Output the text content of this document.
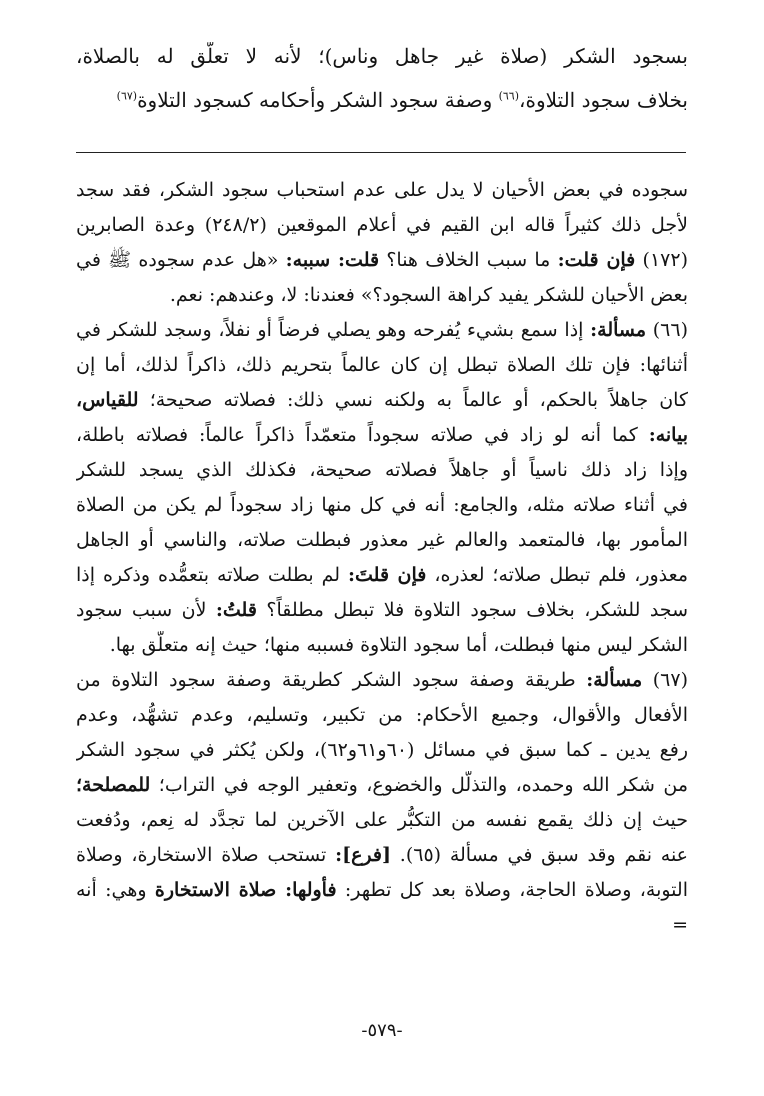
بسجود الشكر (صلاة غير جاهل وناس)؛ لأنه لا تعلّق له بالصلاة،
بخلاف سجود التلاوة،$^{(٦٦)}$ وصفة سجود الشكر وأحكامه كسجود التلاوة$^{(٦٧)}$
سجوده في بعض الأحيان لا يدل على عدم استحباب سجود الشكر، فقد سجد
لأجل ذلك كثيراً قاله ابن القيم في أعلام الموقعين (٢٤٨/٢) وعدة الصابرين
(١٧٢) فإن قلت: ما سبب الخلاف هنا؟ قلت: سببه: «هل عدم سجوده ﷺ في
بعض الأحيان للشكر يفيد كراهة السجود؟» فعندنا: لا، وعندهم: نعم.
(٦٦) مسألة: إذا سمع بشيء يُفرحه وهو يصلي فرضاً أو نفلاً، وسجد للشكر في
أثنائها: فإن تلك الصلاة تبطل إن كان عالماً بتحريم ذلك، ذاكراً لذلك، أما إن
كان جاهلاً بالحكم، أو عالماً به ولكنه نسي ذلك: فصلاته صحيحة؛ للقياس،
بيانه: كما أنه لو زاد في صلاته سجوداً متعمّداً ذاكراً عالماً: فصلاته باطلة،
وإذا زاد ذلك ناسياً أو جاهلاً فصلاته صحيحة، فكذلك الذي يسجد للشكر
في أثناء صلاته مثله، والجامع: أنه في كل منها زاد سجوداً لم يكن من الصلاة
المأمور بها، فالمتعمد والعالم غير معذور فبطلت صلاته، والناسي أو الجاهل
معذور، فلم تبطل صلاته؛ لعذره، فإن قلتَ: لم بطلت صلاته بتعمُّده وذكره إذا
سجد للشكر، بخلاف سجود التلاوة فلا تبطل مطلقاً؟ قلتُ: لأن سبب سجود
الشكر ليس منها فبطلت، أما سجود التلاوة فسببه منها؛ حيث إنه متعلّق بها.
(٦٧) مسألة: طريقة وصفة سجود الشكر كطريقة وصفة سجود التلاوة من
الأفعال والأقوال، وجميع الأحكام: من تكبير، وتسليم، وعدم تشهُّد، وعدم
رفع يدين ـ كما سبق في مسائل (٦٠و٦١و٦٢)، ولكن يُكثر في سجود الشكر
من شكر الله وحمده، والتذلُّل والخضوع، وتعفير الوجه في التراب؛ للمصلحة؛
حيث إن ذلك يقمع نفسه من التكبُّر على الآخرين لما تجدَّد له نِعم، ودُفعت
عنه نقم وقد سبق في مسألة (٦٥). [فرع]: تستحب صلاة الاستخارة، وصلاة
التوبة، وصلاة الحاجة، وصلاة بعد كل تطهر: فأولها: صلاة الاستخارة وهي: أنه
=
-٥٧٩-
